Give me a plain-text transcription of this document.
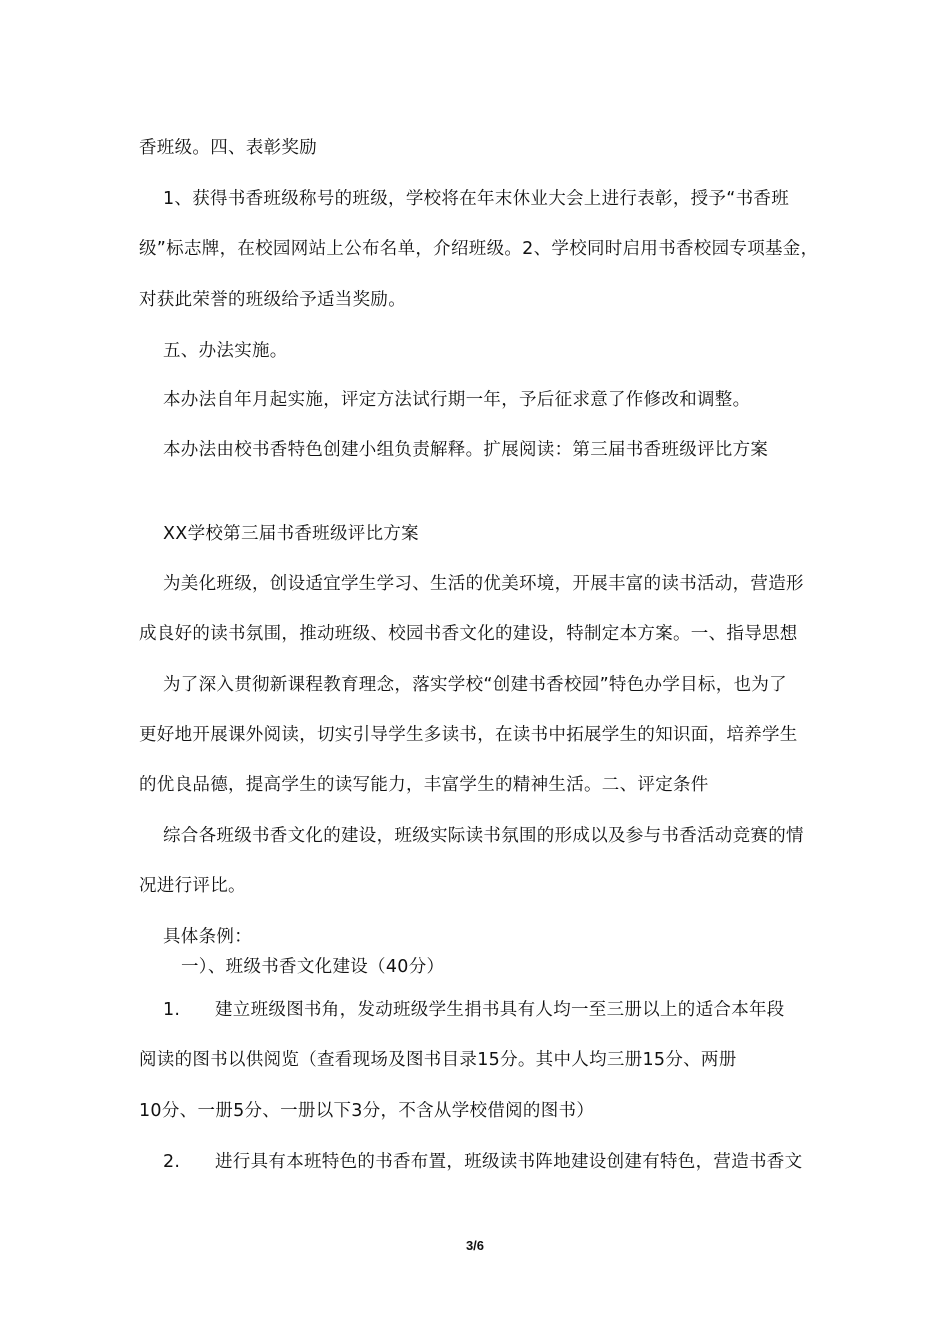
香班级。四、表彰奖励
1、获得书香班级称号的班级，学校将在年末休业大会上进行表彰，授予“书香班
级”标志牌，在校园网站上公布名单，介绍班级。2、学校同时启用书香校园专项基金，
对获此荣誉的班级给予适当奖励。
五、办法实施。
本办法自年月起实施，评定方法试行期一年，予后征求意了作修改和调整。
本办法由校书香特色创建小组负责解释。扩展阅读：第三届书香班级评比方案
XX学校第三届书香班级评比方案
为美化班级，创设适宜学生学习、生活的优美环境，开展丰富的读书活动，营造形
成良好的读书氛围，推动班级、校园书香文化的建设，特制定本方案。一、指导思想
为了深入贯彻新课程教育理念，落实学校“创建书香校园”特色办学目标，也为了
更好地开展课外阅读，切实引导学生多读书，在读书中拓展学生的知识面，培养学生
的优良品德，提高学生的读写能力，丰富学生的精神生活。二、评定条件
综合各班级书香文化的建设，班级实际读书氛围的形成以及参与书香活动竞赛的情
况进行评比。
具体条例：
一）、班级书香文化建设（40分）
1. 建立班级图书角，发动班级学生捐书具有人均一至三册以上的适合本年段
阅读的图书以供阅览（查看现场及图书目录15分。其中人均三册15分、两册
10分、一册5分、一册以下3分，不含从学校借阅的图书）
2. 进行具有本班特色的书香布置，班级读书阵地建设创建有特色，营造书香文
3/6
